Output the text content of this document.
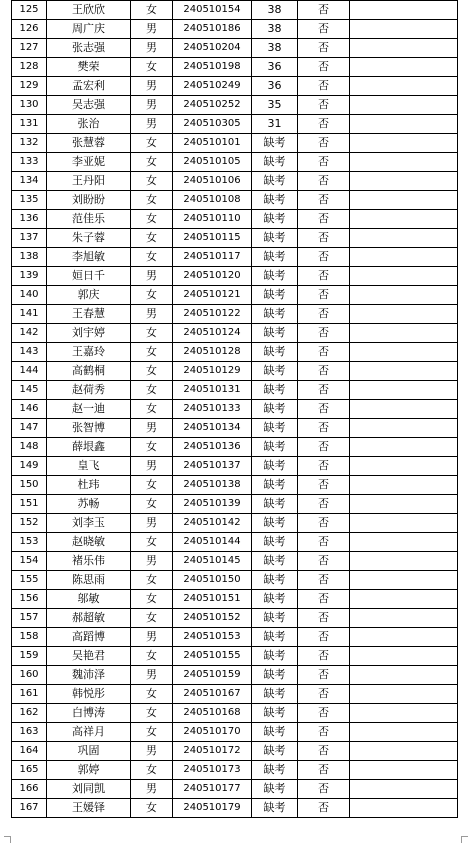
125	王欣欣	女	240510154	38	否	
126	周广庆	男	240510186	38	否	
127	张志强	男	240510204	38	否	
128	樊荣	女	240510198	36	否	
129	孟宏利	男	240510249	36	否	
130	吴志强	男	240510252	35	否	
131	张治	男	240510305	31	否	
132	张慧蓉	女	240510101	缺考	否	
133	李亚妮	女	240510105	缺考	否	
134	王丹阳	女	240510106	缺考	否	
135	刘盼盼	女	240510108	缺考	否	
136	范佳乐	女	240510110	缺考	否	
137	朱子蓉	女	240510115	缺考	否	
138	李旭敏	女	240510117	缺考	否	
139	姮日千	男	240510120	缺考	否	
140	郭庆	女	240510121	缺考	否	
141	王春慧	男	240510122	缺考	否	
142	刘宇婷	女	240510124	缺考	否	
143	王嘉玲	女	240510128	缺考	否	
144	高鹤桐	女	240510129	缺考	否	
145	赵荷秀	女	240510131	缺考	否	
146	赵一迪	女	240510133	缺考	否	
147	张智博	男	240510134	缺考	否	
148	薛垠鑫	女	240510136	缺考	否	
149	皇飞	男	240510137	缺考	否	
150	杜玮	女	240510138	缺考	否	
151	苏畅	女	240510139	缺考	否	
152	刘李玉	男	240510142	缺考	否	
153	赵晓敏	女	240510144	缺考	否	
154	褚乐伟	男	240510145	缺考	否	
155	陈思雨	女	240510150	缺考	否	
156	邬敏	女	240510151	缺考	否	
157	郝超敏	女	240510152	缺考	否	
158	高蹈博	男	240510153	缺考	否	
159	吴艳君	女	240510155	缺考	否	
160	魏沛泽	男	240510159	缺考	否	
161	韩悦彤	女	240510167	缺考	否	
162	白博涛	女	240510168	缺考	否	
163	高祥月	女	240510170	缺考	否	
164	巩固	男	240510172	缺考	否	
165	郭婷	女	240510173	缺考	否	
166	刘同凯	男	240510177	缺考	否	
167	王媛铎	女	240510179	缺考	否	
